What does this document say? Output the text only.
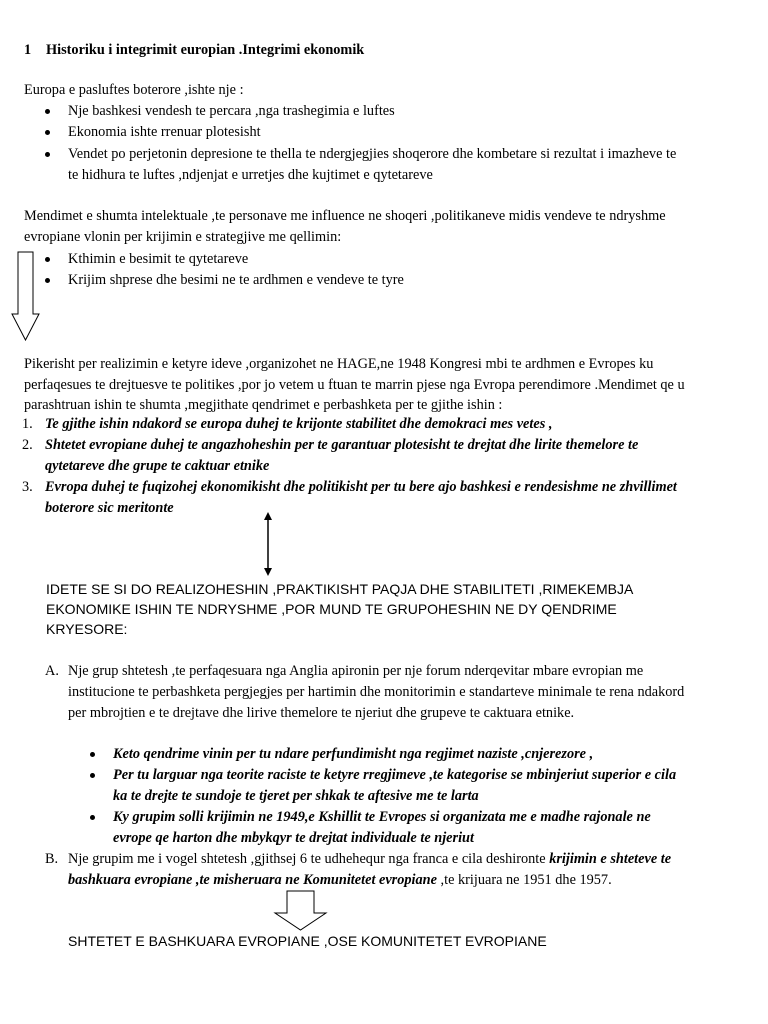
1 Historiku i integrimit europian .Integrimi ekonomik
Europa e pasluftes boterore ,ishte nje :
Nje bashkesi vendesh te percara ,nga trashegimia e luftes
Ekonomia ishte rrenuar plotesisht
Vendet po perjetonin depresione te thella te ndergjegjies shoqerore dhe kombetare si rezultat i imazheve te
te hidhura te luftes ,ndjenjat e urretjes dhe kujtimet e qytetareve
Mendimet e shumta intelektuale ,te personave me influence ne shoqeri ,politikaneve midis vendeve te ndryshme
evropiane vlonin per krijimin e strategjive me qellimin:
Kthimin e besimit te qytetareve
Krijim shprese dhe besimi ne te ardhmen e vendeve te tyre
Pikerisht per realizimin e ketyre ideve ,organizohet ne HAGE,ne 1948 Kongresi mbi te ardhmen e Evropes ku
perfaqesues te drejtuesve te politikes ,por jo vetem u ftuan te marrin pjese nga Evropa perendimore .Mendimet qe u
parashtruan ishin te shumta ,megjithate qendrimet e perbashketa per te gjithe ishin :
1. Te gjithe ishin ndakord se europa duhej te krijonte stabilitet dhe demokraci mes vetes ,
2. Shtetet evropiane duhej te angazhoheshin per te garantuar plotesisht te drejtat dhe lirite themelore te
qytetareve dhe grupe te caktuar etnike
3. Evropa duhej te fuqizohej ekonomikisht dhe politikisht per tu bere ajo bashkesi e rendesishme ne zhvillimet
boterore sic meritonte
IDETE SE SI DO REALIZOHESHIN ,PRAKTIKISHT PAQJA DHE STABILITETI ,RIMEKEMBJA
EKONOMIKE ISHIN TE NDRYSHME ,POR MUND TE GRUPOHESHIN NE DY QENDRIME
KRYESORE:
A. Nje grup shtetesh ,te perfaqesuara nga Anglia apironin per nje forum nderqevitar mbare evropian me
institucione te perbashketa pergjegjes per hartimin dhe monitorimin e standarteve minimale te rena ndakord
per mbrojtien e te drejtave dhe lirive themelore te njeriut dhe grupeve te caktuara etnike.
Keto qendrime vinin per tu ndare perfundimisht nga regjimet naziste ,cnjerezore ,
Per tu larguar nga teorite raciste te ketyre rregjimeve ,te kategorise se mbinjeriut superior e cila
ka te drejte te sundoje te tjeret per shkak te aftesive me te larta
Ky grupim solli krijimin ne 1949,e Kshillit te Evropes si organizata me e madhe rajonale ne
evrope qe harton dhe mbykqyr te drejtat individuale te njeriut
B. Nje grupim me i vogel shtetesh ,gjithsej 6 te udhehequr nga franca e cila deshironte krijimin e shteteve te
bashkuara evropiane ,te misheruara ne Komunitetet evropiane ,te krijuara ne 1951 dhe 1957.
SHTETET E BASHKUARA EVROPIANE ,OSE KOMUNITETET EVROPIANE
